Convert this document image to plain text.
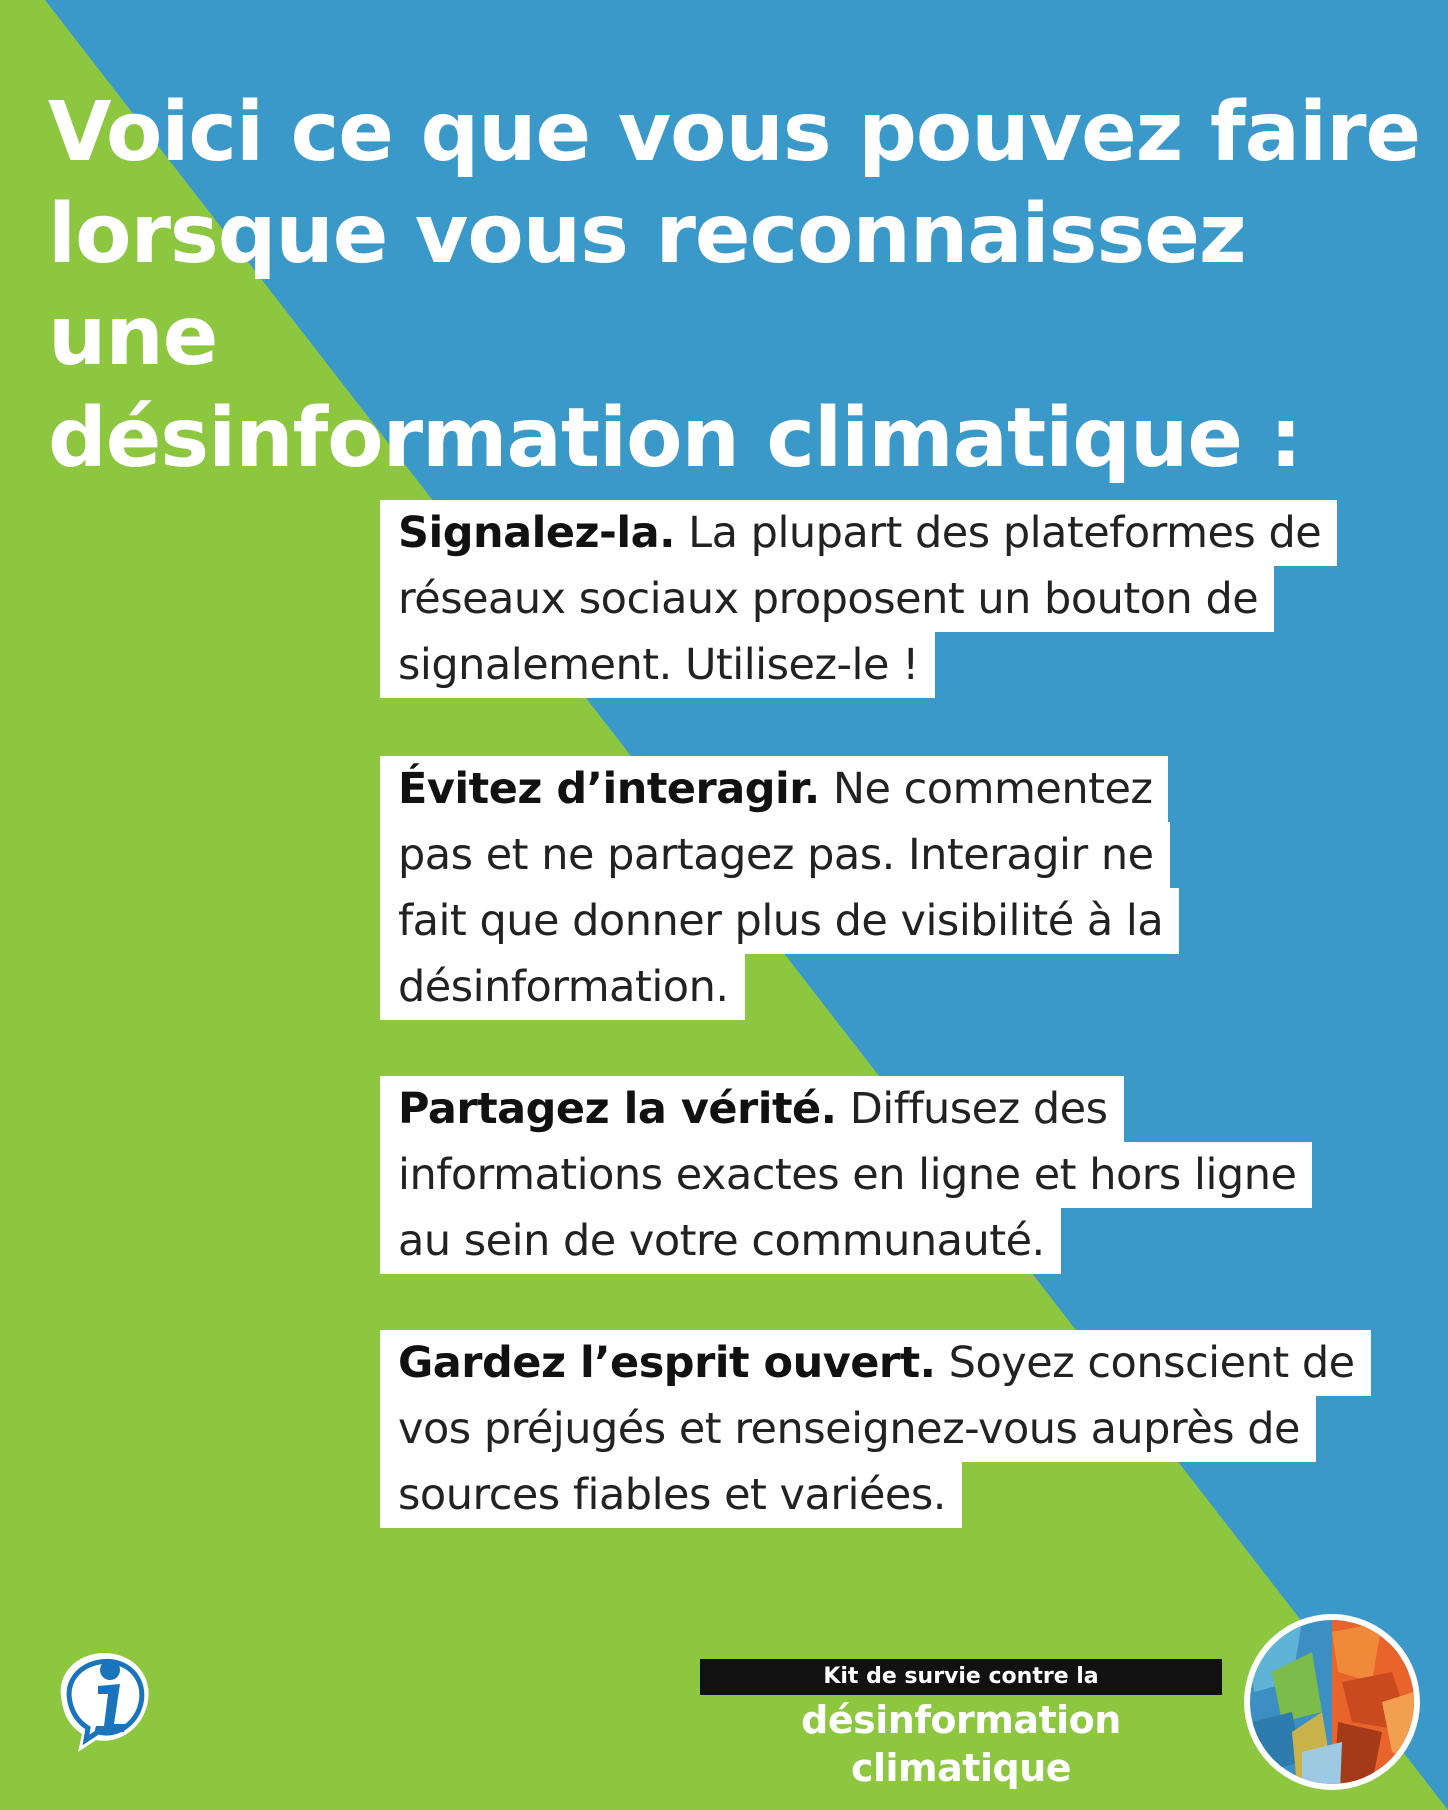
Voici ce que vous pouvez faire
lorsque vous reconnaissez une
désinformation climatique :
Signalez-la. La plupart des plateformes de
réseaux sociaux proposent un bouton de
signalement. Utilisez-le !
Évitez d’interagir. Ne commentez
pas et ne partagez pas. Interagir ne
fait que donner plus de visibilité à la
désinformation.
Partagez la vérité. Diffusez des
informations exactes en ligne et hors ligne
au sein de votre communauté.
Gardez l’esprit ouvert. Soyez conscient de
vos préjugés et renseignez-vous auprès de
sources fiables et variées.
Kit de survie contre la
désinformation climatique
